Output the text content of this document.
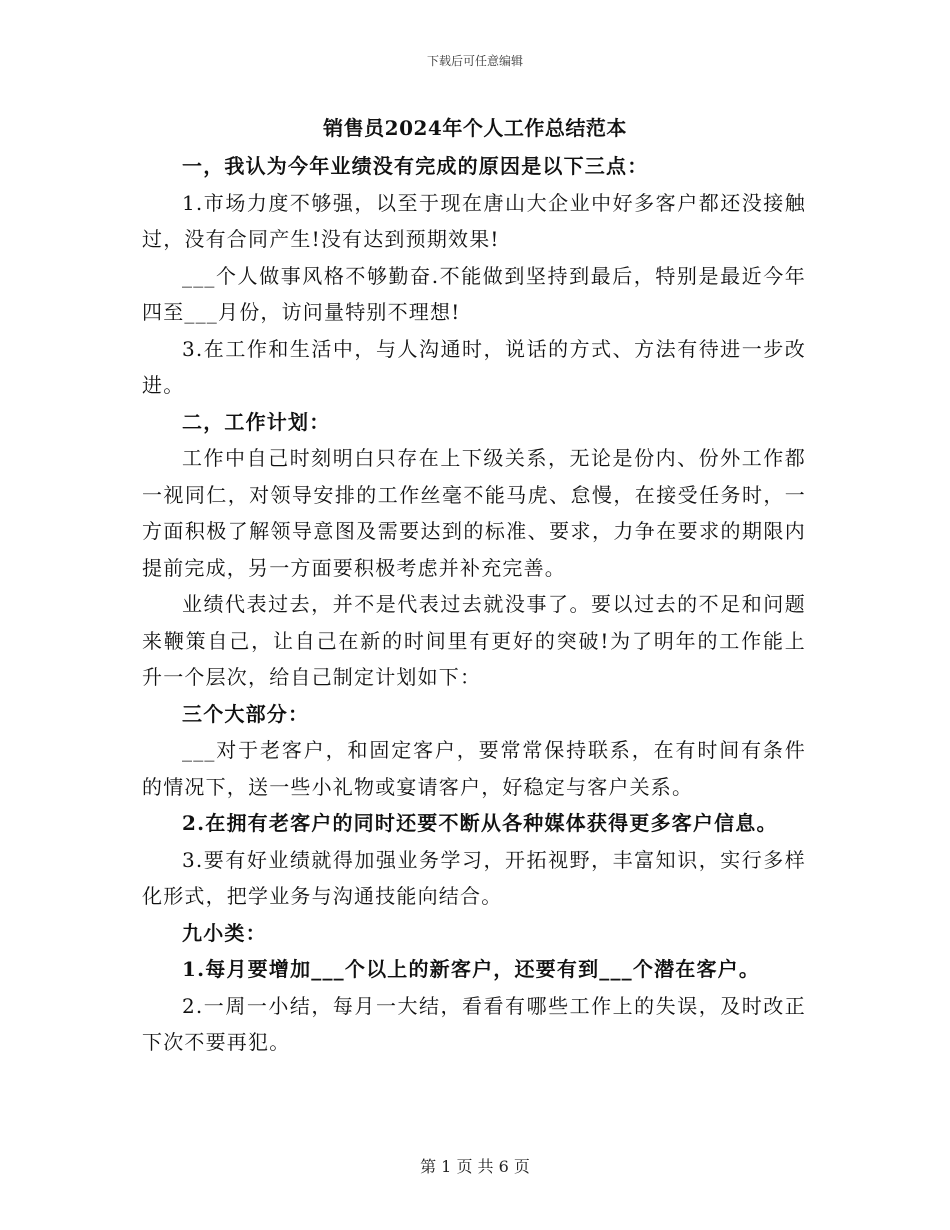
下载后可任意编辑
销售员2024年个人工作总结范本

一，我认为今年业绩没有完成的原因是以下三点：

1.市场力度不够强，以至于现在唐山大企业中好多客户都还没接触过，没有合同产生!没有达到预期效果!

___个人做事风格不够勤奋.不能做到坚持到最后，特别是最近今年四至___月份，访问量特别不理想!

3.在工作和生活中，与人沟通时，说话的方式、方法有待进一步改进。

二，工作计划：

工作中自己时刻明白只存在上下级关系，无论是份内、份外工作都一视同仁，对领导安排的工作丝毫不能马虎、怠慢，在接受任务时，一方面积极了解领导意图及需要达到的标准、要求，力争在要求的期限内提前完成，另一方面要积极考虑并补充完善。

业绩代表过去，并不是代表过去就没事了。要以过去的不足和问题来鞭策自己，让自己在新的时间里有更好的突破!为了明年的工作能上升一个层次，给自己制定计划如下：

三个大部分：

___对于老客户，和固定客户，要常常保持联系，在有时间有条件的情况下，送一些小礼物或宴请客户，好稳定与客户关系。

2.在拥有老客户的同时还要不断从各种媒体获得更多客户信息。

3.要有好业绩就得加强业务学习，开拓视野，丰富知识，实行多样化形式，把学业务与沟通技能向结合。

九小类：

1.每月要增加___个以上的新客户，还要有到___个潜在客户。

2.一周一小结，每月一大结，看看有哪些工作上的失误，及时改正下次不要再犯。

第 1 页 共 6 页
